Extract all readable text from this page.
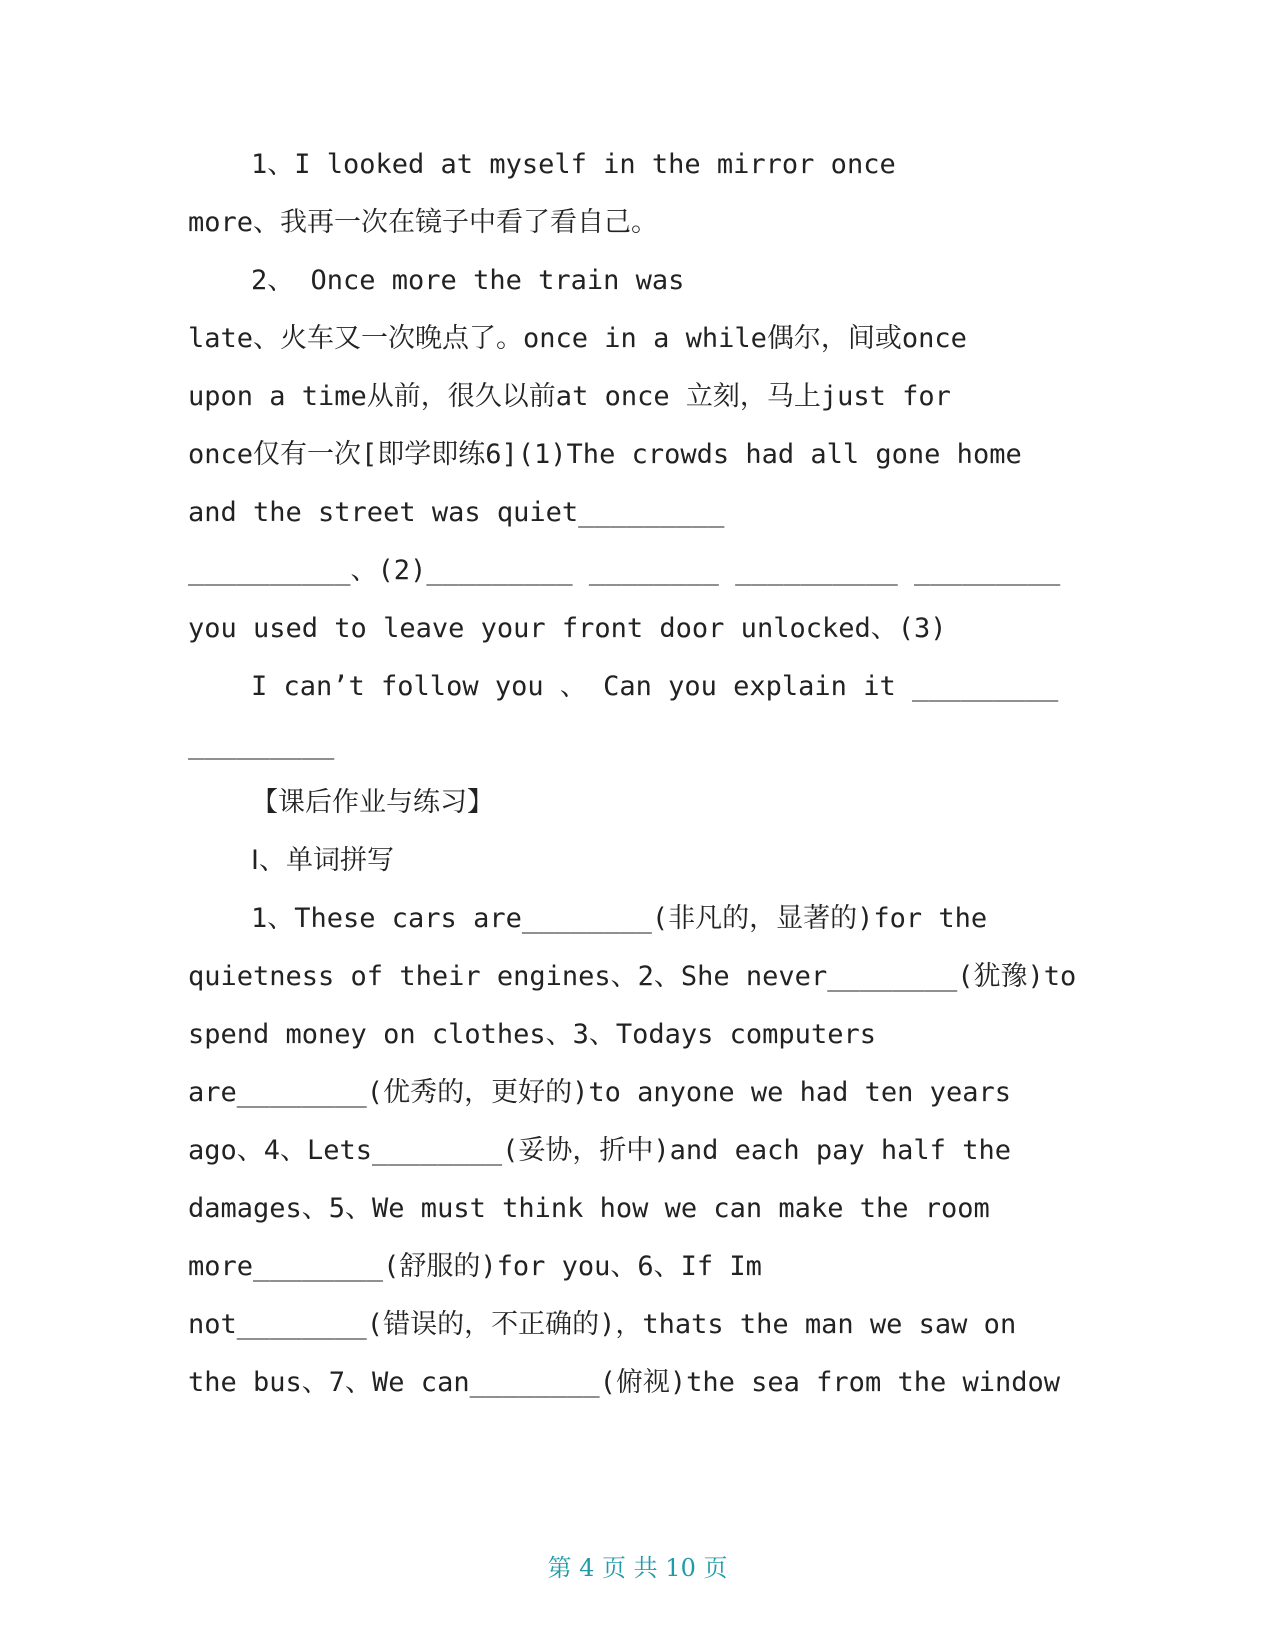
1、I looked at myself in the mirror once
more、我再一次在镜子中看了看自己。
2、 Once more the train was
late、火车又一次晚点了。once in a while偶尔，间或once
upon a time从前，很久以前at once 立刻，马上just for
once仅有一次[即学即练6](1)The crowds had all gone home
and the street was quiet_________
__________、(2)_________ ________ __________ _________
you used to leave your front door unlocked、(3)
I can’t follow you 、 Can you explain it _________
_________
【课后作业与练习】
Ⅰ、单词拼写
1、These cars are________(非凡的，显著的)for the
quietness of their engines、2、She never________(犹豫)to
spend money on clothes、3、Todays computers
are________(优秀的，更好的)to anyone we had ten years
ago、4、Lets________(妥协，折中)and each pay half the
damages、5、We must think how we can make the room
more________(舒服的)for you、6、If Im
not________(错误的，不正确的)，thats the man we saw on
the bus、7、We can________(俯视)the sea from the window
第 4 页 共 10 页
